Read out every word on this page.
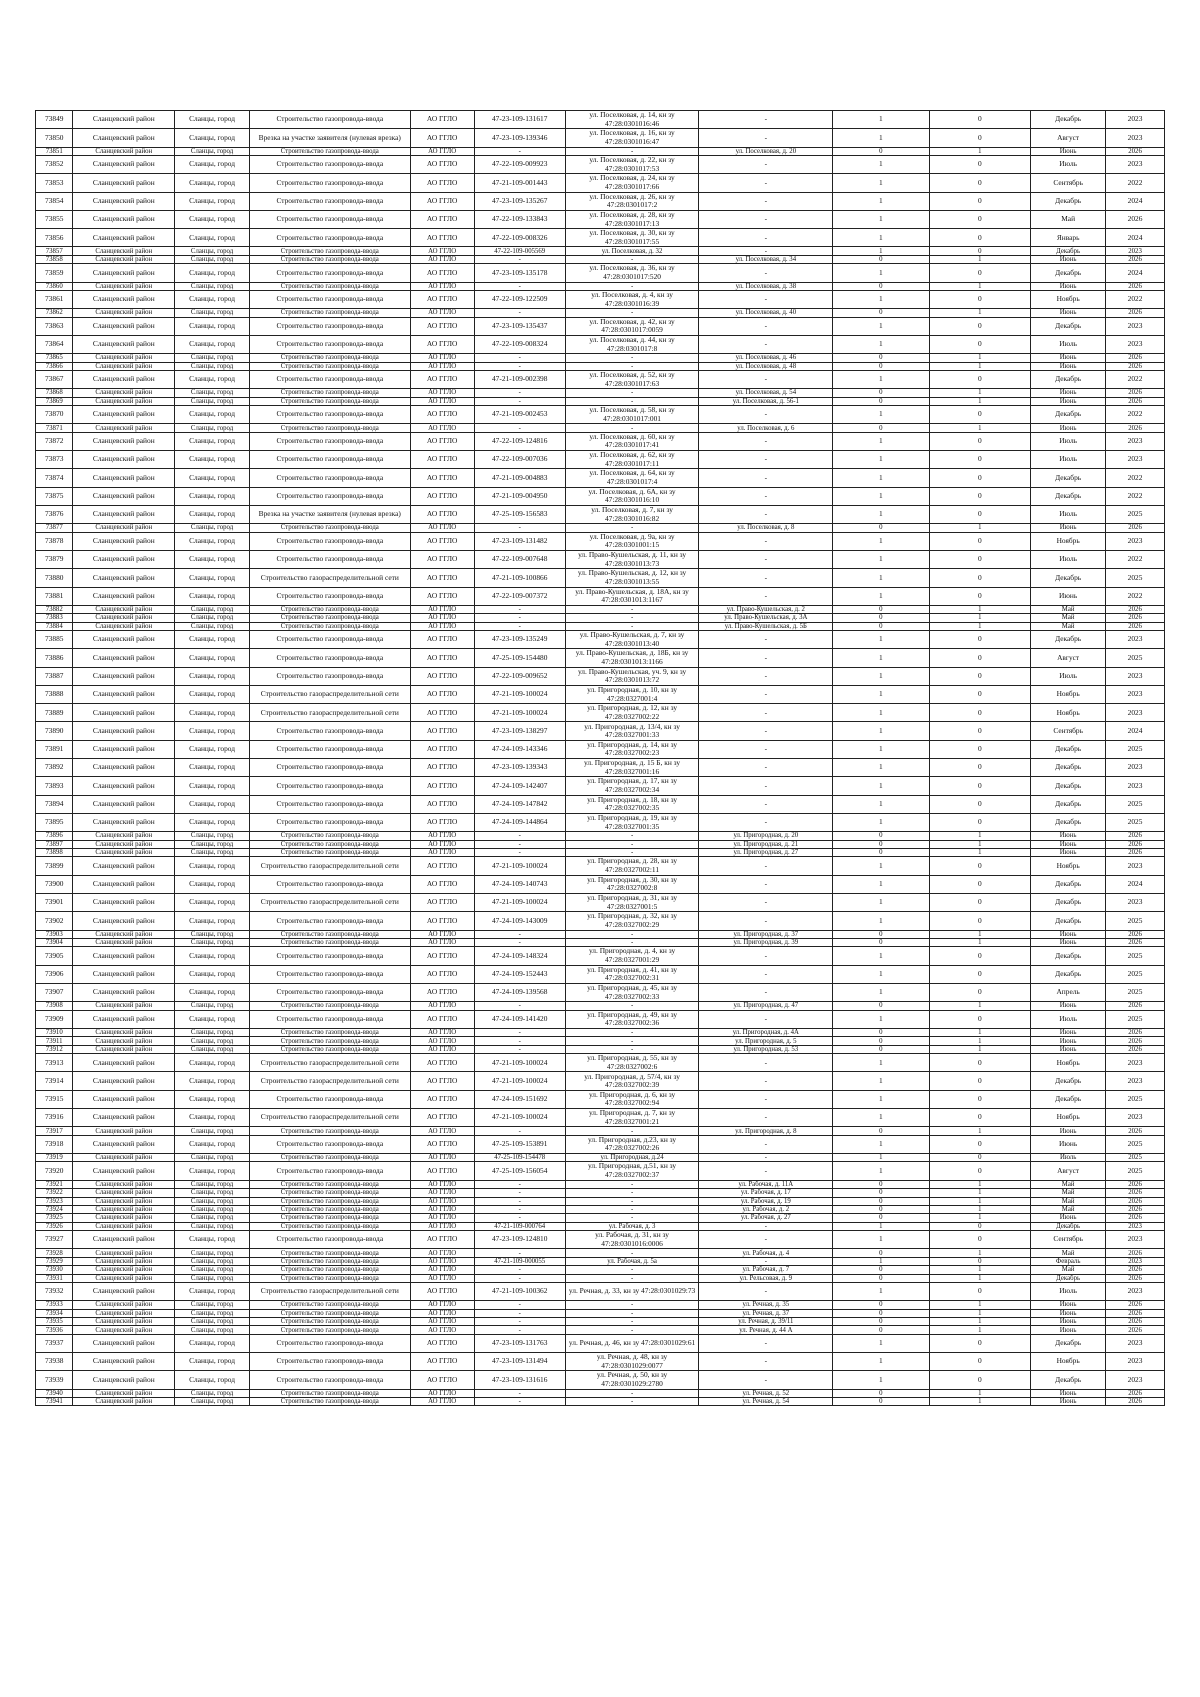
73849	Сланцевский район	Сланцы, город	Строительство газопровода-ввода	АО ГГЛО	47-23-109-131617	ул. Поселковая, д. 14, кн зу 47:28:0301016:46	-	1	0	Декабрь	2023
73850	Сланцевский район	Сланцы, город	Врезка на участке заявителя (нулевая врезка)	АО ГГЛО	47-23-109-139346	ул. Поселковая, д. 16, кн зу 47:28:0301016:47	-	1	0	Август	2023
73851	Сланцевский район	Сланцы, город	Строительство газопровода-ввода	АО ГГЛО	-	-	ул. Поселковая, д. 20	0	1	Июнь	2026
73852	Сланцевский район	Сланцы, город	Строительство газопровода-ввода	АО ГГЛО	47-22-109-009923	ул. Поселковая, д. 22, кн зу 47:28:0301017:53	-	1	0	Июль	2023
73853	Сланцевский район	Сланцы, город	Строительство газопровода-ввода	АО ГГЛО	47-21-109-001443	ул. Поселковая, д. 24, кн зу 47:28:0301017:66	-	1	0	Сентябрь	2022
73854	Сланцевский район	Сланцы, город	Строительство газопровода-ввода	АО ГГЛО	47-23-109-135267	ул. Поселковая, д. 26, кн зу 47:28:0301017:2	-	1	0	Декабрь	2024
73855	Сланцевский район	Сланцы, город	Строительство газопровода-ввода	АО ГГЛО	47-22-109-133843	ул. Поселковая, д. 28, кн зу 47:28:0301017:13	-	1	0	Май	2026
73856	Сланцевский район	Сланцы, город	Строительство газопровода-ввода	АО ГГЛО	47-22-109-008326	ул. Поселковая, д. 30, кн зу 47:28:0301017:55	-	1	0	Январь	2024
73857	Сланцевский район	Сланцы, город	Строительство газопровода-ввода	АО ГГЛО	47-22-109-005569	ул. Поселковая, д. 32	-	1	0	Декабрь	2023
73858	Сланцевский район	Сланцы, город	Строительство газопровода-ввода	АО ГГЛО	-	-	ул. Поселковая, д. 34	0	1	Июнь	2026
73859	Сланцевский район	Сланцы, город	Строительство газопровода-ввода	АО ГГЛО	47-23-109-135178	ул. Поселковая, д. 36, кн зу 47:28:0301017:520	-	1	0	Декабрь	2024
73860	Сланцевский район	Сланцы, город	Строительство газопровода-ввода	АО ГГЛО	-	-	ул. Поселковая, д. 38	0	1	Июнь	2026
73861	Сланцевский район	Сланцы, город	Строительство газопровода-ввода	АО ГГЛО	47-22-109-122509	ул. Поселковая, д. 4, кн зу 47:28:0301016:39	-	1	0	Ноябрь	2022
73862	Сланцевский район	Сланцы, город	Строительство газопровода-ввода	АО ГГЛО	-	-	ул. Поселковая, д. 40	0	1	Июнь	2026
73863	Сланцевский район	Сланцы, город	Строительство газопровода-ввода	АО ГГЛО	47-23-109-135437	ул. Поселковая, д. 42, кн зу 47:28:0301017:0059	-	1	0	Декабрь	2023
73864	Сланцевский район	Сланцы, город	Строительство газопровода-ввода	АО ГГЛО	47-22-109-008324	ул. Поселковая, д. 44, кн зу 47:28:0301017:8	-	1	0	Июль	2023
73865	Сланцевский район	Сланцы, город	Строительство газопровода-ввода	АО ГГЛО	-	-	ул. Поселковая, д. 46	0	1	Июнь	2026
73866	Сланцевский район	Сланцы, город	Строительство газопровода-ввода	АО ГГЛО	-	-	ул. Поселковая, д. 48	0	1	Июнь	2026
73867	Сланцевский район	Сланцы, город	Строительство газопровода-ввода	АО ГГЛО	47-21-109-002398	ул. Поселковая, д. 52, кн зу 47:28:0301017:63	-	1	0	Декабрь	2022
73868	Сланцевский район	Сланцы, город	Строительство газопровода-ввода	АО ГГЛО	-	-	ул. Поселковая, д. 54	0	1	Июнь	2026
73869	Сланцевский район	Сланцы, город	Строительство газопровода-ввода	АО ГГЛО	-	-	ул. Поселковая, д. 56-1	0	1	Июнь	2026
73870	Сланцевский район	Сланцы, город	Строительство газопровода-ввода	АО ГГЛО	47-21-109-002453	ул. Поселковая, д. 58, кн зу 47:28:0301017:001	-	1	0	Декабрь	2022
73871	Сланцевский район	Сланцы, город	Строительство газопровода-ввода	АО ГГЛО	-	-	ул. Поселковая, д. 6	0	1	Июнь	2026
73872	Сланцевский район	Сланцы, город	Строительство газопровода-ввода	АО ГГЛО	47-22-109-124816	ул. Поселковая, д. 60, кн зу 47:28:0301017:41	-	1	0	Июль	2023
73873	Сланцевский район	Сланцы, город	Строительство газопровода-ввода	АО ГГЛО	47-22-109-007036	ул. Поселковая, д. 62, кн зу 47:28:0301017:11	-	1	0	Июль	2023
73874	Сланцевский район	Сланцы, город	Строительство газопровода-ввода	АО ГГЛО	47-21-109-004883	ул. Поселковая, д. 64, кн зу 47:28:0301017:4	-	1	0	Декабрь	2022
73875	Сланцевский район	Сланцы, город	Строительство газопровода-ввода	АО ГГЛО	47-21-109-004950	ул. Поселковая, д. 6А, кн зу 47:28:0301016:10	-	1	0	Декабрь	2022
73876	Сланцевский район	Сланцы, город	Врезка на участке заявителя (нулевая врезка)	АО ГГЛО	47-25-109-156583	ул. Поселковая, д. 7, кн зу 47:28:0301016:82	-	1	0	Июль	2025
73877	Сланцевский район	Сланцы, город	Строительство газопровода-ввода	АО ГГЛО	-	-	ул. Поселковая, д. 8	0	1	Июнь	2026
73878	Сланцевский район	Сланцы, город	Строительство газопровода-ввода	АО ГГЛО	47-23-109-131482	ул. Поселковая, д. 9а, кн зу 47:28:0301001:15	-	1	0	Ноябрь	2023
73879	Сланцевский район	Сланцы, город	Строительство газопровода-ввода	АО ГГЛО	47-22-109-007648	ул. Право-Кушельская, д. 11, кн зу 47:28:0301013:73	-	1	0	Июль	2022
73880	Сланцевский район	Сланцы, город	Строительство газораспределительной сети	АО ГГЛО	47-21-109-100866	ул. Право-Кушельская, д. 12, кн зу 47:28:0301013:55	-	1	0	Декабрь	2025
73881	Сланцевский район	Сланцы, город	Строительство газопровода-ввода	АО ГГЛО	47-22-109-007372	ул. Право-Кушельская, д. 18А, кн зу 47:28:0301013:1167	-	1	0	Июнь	2022
73882	Сланцевский район	Сланцы, город	Строительство газопровода-ввода	АО ГГЛО	-	-	ул. Право-Кушельская, д. 2	0	1	Май	2026
73883	Сланцевский район	Сланцы, город	Строительство газопровода-ввода	АО ГГЛО	-	-	ул. Право-Кушельская, д. 3А	0	1	Май	2026
73884	Сланцевский район	Сланцы, город	Строительство газопровода-ввода	АО ГГЛО	-	-	ул. Право-Кушельская, д. 5Б	0	1	Май	2026
73885	Сланцевский район	Сланцы, город	Строительство газопровода-ввода	АО ГГЛО	47-23-109-135249	ул. Право-Кушельская, д. 7, кн зу 47:28:0301013:40	-	1	0	Декабрь	2023
73886	Сланцевский район	Сланцы, город	Строительство газопровода-ввода	АО ГГЛО	47-25-109-154480	ул. Право-Кушельская, д. 18Б, кн зу 47:28:0301013:1166	-	1	0	Август	2025
73887	Сланцевский район	Сланцы, город	Строительство газопровода-ввода	АО ГГЛО	47-22-109-009652	ул. Право-Кушельская, уч. 9, кн зу 47:28:0301013:72	-	1	0	Июль	2023
73888	Сланцевский район	Сланцы, город	Строительство газораспределительной сети	АО ГГЛО	47-21-109-100024	ул. Пригородная, д. 10, кн зу 47:28:0327001:4	-	1	0	Ноябрь	2023
73889	Сланцевский район	Сланцы, город	Строительство газораспределительной сети	АО ГГЛО	47-21-109-100024	ул. Пригородная, д. 12, кн зу 47:28:0327002:22	-	1	0	Ноябрь	2023
73890	Сланцевский район	Сланцы, город	Строительство газопровода-ввода	АО ГГЛО	47-23-109-138297	ул. Пригородная, д. 13/4, кн зу 47:28:0327001:33	-	1	0	Сентябрь	2024
73891	Сланцевский район	Сланцы, город	Строительство газопровода-ввода	АО ГГЛО	47-24-109-143346	ул. Пригородная, д. 14, кн зу 47:28:0327002:23	-	1	0	Декабрь	2025
73892	Сланцевский район	Сланцы, город	Строительство газопровода-ввода	АО ГГЛО	47-23-109-139343	ул. Пригородная, д. 15 Б, кн зу 47:28:0327001:16	-	1	0	Декабрь	2023
73893	Сланцевский район	Сланцы, город	Строительство газопровода-ввода	АО ГГЛО	47-24-109-142407	ул. Пригородная, д. 17, кн зу 47:28:0327002:34	-	1	0	Декабрь	2023
73894	Сланцевский район	Сланцы, город	Строительство газопровода-ввода	АО ГГЛО	47-24-109-147842	ул. Пригородная, д. 18, кн зу 47:28:0327002:35	-	1	0	Декабрь	2025
73895	Сланцевский район	Сланцы, город	Строительство газопровода-ввода	АО ГГЛО	47-24-109-144864	ул. Пригородная, д. 19, кн зу 47:28:0327001:35	-	1	0	Декабрь	2025
73896	Сланцевский район	Сланцы, город	Строительство газопровода-ввода	АО ГГЛО	-	-	ул. Пригородная, д. 20	0	1	Июнь	2026
73897	Сланцевский район	Сланцы, город	Строительство газопровода-ввода	АО ГГЛО	-	-	ул. Пригородная, д. 21	0	1	Июнь	2026
73898	Сланцевский район	Сланцы, город	Строительство газопровода-ввода	АО ГГЛО	-	-	ул. Пригородная, д. 27	0	1	Июнь	2026
73899	Сланцевский район	Сланцы, город	Строительство газораспределительной сети	АО ГГЛО	47-21-109-100024	ул. Пригородная, д. 28, кн зу 47:28:0327002:11	-	1	0	Ноябрь	2023
73900	Сланцевский район	Сланцы, город	Строительство газопровода-ввода	АО ГГЛО	47-24-109-140743	ул. Пригородная, д. 30, кн зу 47:28:0327002:8	-	1	0	Декабрь	2024
73901	Сланцевский район	Сланцы, город	Строительство газораспределительной сети	АО ГГЛО	47-21-109-100024	ул. Пригородная, д. 31, кн зу 47:28:0327001:5	-	1	0	Декабрь	2023
73902	Сланцевский район	Сланцы, город	Строительство газопровода-ввода	АО ГГЛО	47-24-109-143009	ул. Пригородная, д. 32, кн зу 47:28:0327002:29	-	1	0	Декабрь	2025
73903	Сланцевский район	Сланцы, город	Строительство газопровода-ввода	АО ГГЛО	-	-	ул. Пригородная, д. 37	0	1	Июнь	2026
73904	Сланцевский район	Сланцы, город	Строительство газопровода-ввода	АО ГГЛО	-	-	ул. Пригородная, д. 39	0	1	Июнь	2026
73905	Сланцевский район	Сланцы, город	Строительство газопровода-ввода	АО ГГЛО	47-24-109-148324	ул. Пригородная, д. 4, кн зу 47:28:0327001:29	-	1	0	Декабрь	2025
73906	Сланцевский район	Сланцы, город	Строительство газопровода-ввода	АО ГГЛО	47-24-109-152443	ул. Пригородная, д. 41, кн зу 47:28:0327002:31	-	1	0	Декабрь	2025
73907	Сланцевский район	Сланцы, город	Строительство газопровода-ввода	АО ГГЛО	47-24-109-139568	ул. Пригородная, д. 45, кн зу 47:28:0327002:33	-	1	0	Апрель	2025
73908	Сланцевский район	Сланцы, город	Строительство газопровода-ввода	АО ГГЛО	-	-	ул. Пригородная, д. 47	0	1	Июнь	2026
73909	Сланцевский район	Сланцы, город	Строительство газопровода-ввода	АО ГГЛО	47-24-109-141420	ул. Пригородная, д. 49, кн зу 47:28:0327002:36	-	1	0	Июль	2025
73910	Сланцевский район	Сланцы, город	Строительство газопровода-ввода	АО ГГЛО	-	-	ул. Пригородная, д. 4А	0	1	Июнь	2026
73911	Сланцевский район	Сланцы, город	Строительство газопровода-ввода	АО ГГЛО	-	-	ул. Пригородная, д. 5	0	1	Июнь	2026
73912	Сланцевский район	Сланцы, город	Строительство газопровода-ввода	АО ГГЛО	-	-	ул. Пригородная, д. 53	0	1	Июнь	2026
73913	Сланцевский район	Сланцы, город	Строительство газораспределительной сети	АО ГГЛО	47-21-109-100024	ул. Пригородная, д. 55, кн зу 47:28:0327002:6	-	1	0	Ноябрь	2023
73914	Сланцевский район	Сланцы, город	Строительство газораспределительной сети	АО ГГЛО	47-21-109-100024	ул. Пригородная, д. 57/4, кн зу 47:28:0327002:39	-	1	0	Декабрь	2023
73915	Сланцевский район	Сланцы, город	Строительство газопровода-ввода	АО ГГЛО	47-24-109-151692	ул. Пригородная, д. 6, кн зу 47:28:0327002:94	-	1	0	Декабрь	2025
73916	Сланцевский район	Сланцы, город	Строительство газораспределительной сети	АО ГГЛО	47-21-109-100024	ул. Пригородная, д. 7, кн зу 47:28:0327001:21	-	1	0	Ноябрь	2023
73917	Сланцевский район	Сланцы, город	Строительство газопровода-ввода	АО ГГЛО	-	-	ул. Пригородная, д. 8	0	1	Июнь	2026
73918	Сланцевский район	Сланцы, город	Строительство газопровода-ввода	АО ГГЛО	47-25-109-153891	ул. Пригородная, д.23, кн зу 47:28:0327002:26	-	1	0	Июнь	2025
73919	Сланцевский район	Сланцы, город	Строительство газопровода-ввода	АО ГГЛО	47-25-109-154478	ул. Пригородная, д.24	-	1	0	Июль	2025
73920	Сланцевский район	Сланцы, город	Строительство газопровода-ввода	АО ГГЛО	47-25-109-156054	ул. Пригородная, д.51, кн зу 47:28:0327002:37	-	1	0	Август	2025
73921	Сланцевский район	Сланцы, город	Строительство газопровода-ввода	АО ГГЛО	-	-	ул. Рабочая, д. 11А	0	1	Май	2026
73922	Сланцевский район	Сланцы, город	Строительство газопровода-ввода	АО ГГЛО	-	-	ул. Рабочая, д. 17	0	1	Май	2026
73923	Сланцевский район	Сланцы, город	Строительство газопровода-ввода	АО ГГЛО	-	-	ул. Рабочая, д. 19	0	1	Май	2026
73924	Сланцевский район	Сланцы, город	Строительство газопровода-ввода	АО ГГЛО	-	-	ул. Рабочая, д. 2	0	1	Май	2026
73925	Сланцевский район	Сланцы, город	Строительство газопровода-ввода	АО ГГЛО	-	-	ул. Рабочая, д. 27	0	1	Июнь	2026
73926	Сланцевский район	Сланцы, город	Строительство газопровода-ввода	АО ГГЛО	47-21-109-000764	ул. Рабочая, д. 3	-	1	0	Декабрь	2023
73927	Сланцевский район	Сланцы, город	Строительство газопровода-ввода	АО ГГЛО	47-23-109-124810	ул. Рабочая, д. 31, кн зу 47:28:0301016:0006	-	1	0	Сентябрь	2023
73928	Сланцевский район	Сланцы, город	Строительство газопровода-ввода	АО ГГЛО	-	-	ул. Рабочая, д. 4	0	1	Май	2026
73929	Сланцевский район	Сланцы, город	Строительство газопровода-ввода	АО ГГЛО	47-21-109-000055	ул. Рабочая, д. 5а	-	1	0	Февраль	2023
73930	Сланцевский район	Сланцы, город	Строительство газопровода-ввода	АО ГГЛО	-	-	ул. Рабочая, д. 7	0	1	Май	2026
73931	Сланцевский район	Сланцы, город	Строительство газопровода-ввода	АО ГГЛО	-	-	ул. Рельсовая, д. 9	0	1	Декабрь	2026
73932	Сланцевский район	Сланцы, город	Строительство газораспределительной сети	АО ГГЛО	47-21-109-100362	ул. Речная, д. 33, кн зу 47:28:0301029:73	-	1	0	Июль	2023
73933	Сланцевский район	Сланцы, город	Строительство газопровода-ввода	АО ГГЛО	-	-	ул. Речная, д. 35	0	1	Июнь	2026
73934	Сланцевский район	Сланцы, город	Строительство газопровода-ввода	АО ГГЛО	-	-	ул. Речная, д. 37	0	1	Июнь	2026
73935	Сланцевский район	Сланцы, город	Строительство газопровода-ввода	АО ГГЛО	-	-	ул. Речная, д. 39/11	0	1	Июнь	2026
73936	Сланцевский район	Сланцы, город	Строительство газопровода-ввода	АО ГГЛО	-	-	ул. Речная, д. 44 А	0	1	Июнь	2026
73937	Сланцевский район	Сланцы, город	Строительство газопровода-ввода	АО ГГЛО	47-23-109-131763	ул. Речная, д. 46, кн зу 47:28:0301029:61	-	1	0	Декабрь	2023
73938	Сланцевский район	Сланцы, город	Строительство газопровода-ввода	АО ГГЛО	47-23-109-131494	ул. Речная, д. 48, кн зу 47:28:0301029:0077	-	1	0	Ноябрь	2023
73939	Сланцевский район	Сланцы, город	Строительство газопровода-ввода	АО ГГЛО	47-23-109-131616	ул. Речная, д. 50, кн зу 47:28:0301029:2780	-	1	0	Декабрь	2023
73940	Сланцевский район	Сланцы, город	Строительство газопровода-ввода	АО ГГЛО	-	-	ул. Речная, д. 52	0	1	Июнь	2026
73941	Сланцевский район	Сланцы, город	Строительство газопровода-ввода	АО ГГЛО	-	-	ул. Речная, д. 54	0	1	Июнь	2026
